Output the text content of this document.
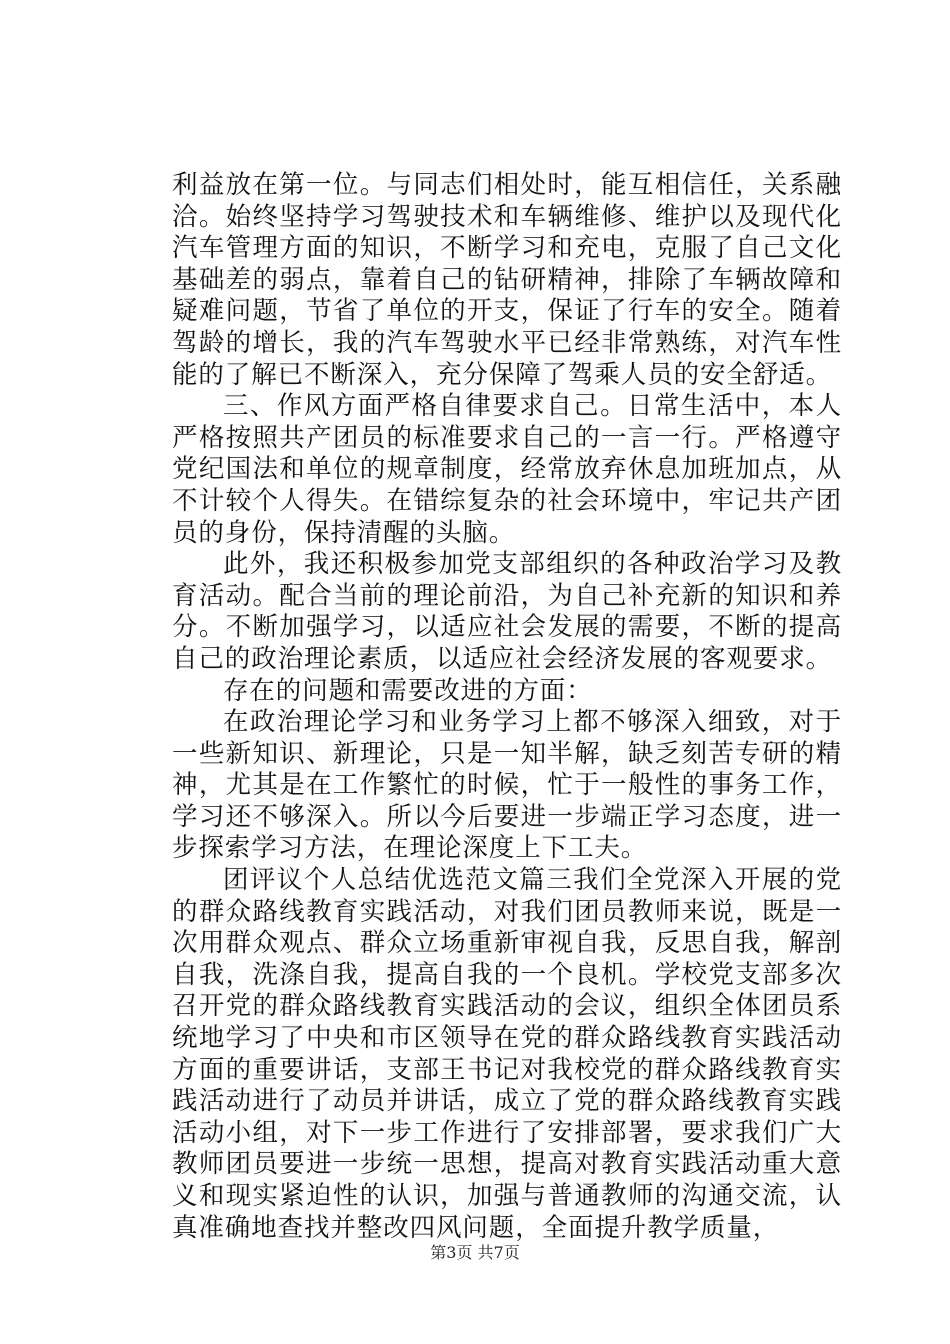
利益放在第一位。与同志们相处时，能互相信任，关系融洽。始终坚持学习驾驶技术和车辆维修、维护以及现代化汽车管理方面的知识，不断学习和充电，克服了自己文化基础差的弱点，靠着自己的钻研精神，排除了车辆故障和疑难问题，节省了单位的开支，保证了行车的安全。随着驾龄的增长，我的汽车驾驶水平已经非常熟练，对汽车性能的了解已不断深入，充分保障了驾乘人员的安全舒适。

三、作风方面严格自律要求自己。日常生活中，本人严格按照共产团员的标准要求自己的一言一行。严格遵守党纪国法和单位的规章制度，经常放弃休息加班加点，从不计较个人得失。在错综复杂的社会环境中，牢记共产团员的身份，保持清醒的头脑。

此外，我还积极参加党支部组织的各种政治学习及教育活动。配合当前的理论前沿，为自己补充新的知识和养分。不断加强学习，以适应社会发展的需要，不断的提高自己的政治理论素质，以适应社会经济发展的客观要求。

存在的问题和需要改进的方面：

在政治理论学习和业务学习上都不够深入细致，对于一些新知识、新理论，只是一知半解，缺乏刻苦专研的精神，尤其是在工作繁忙的时候，忙于一般性的事务工作，学习还不够深入。所以今后要进一步端正学习态度，进一步探索学习方法，在理论深度上下工夫。

团评议个人总结优选范文篇三我们全党深入开展的党的群众路线教育实践活动，对我们团员教师来说，既是一次用群众观点、群众立场重新审视自我，反思自我，解剖自我，洗涤自我，提高自我的一个良机。学校党支部多次召开党的群众路线教育实践活动的会议，组织全体团员系统地学习了中央和市区领导在党的群众路线教育实践活动方面的重要讲话，支部王书记对我校党的群众路线教育实践活动进行了动员并讲话，成立了党的群众路线教育实践活动小组，对下一步工作进行了安排部署，要求我们广大教师团员要进一步统一思想，提高对教育实践活动重大意义和现实紧迫性的认识，加强与普通教师的沟通交流，认真准确地查找并整改四风问题，全面提升教学质量，

第3页 共7页
